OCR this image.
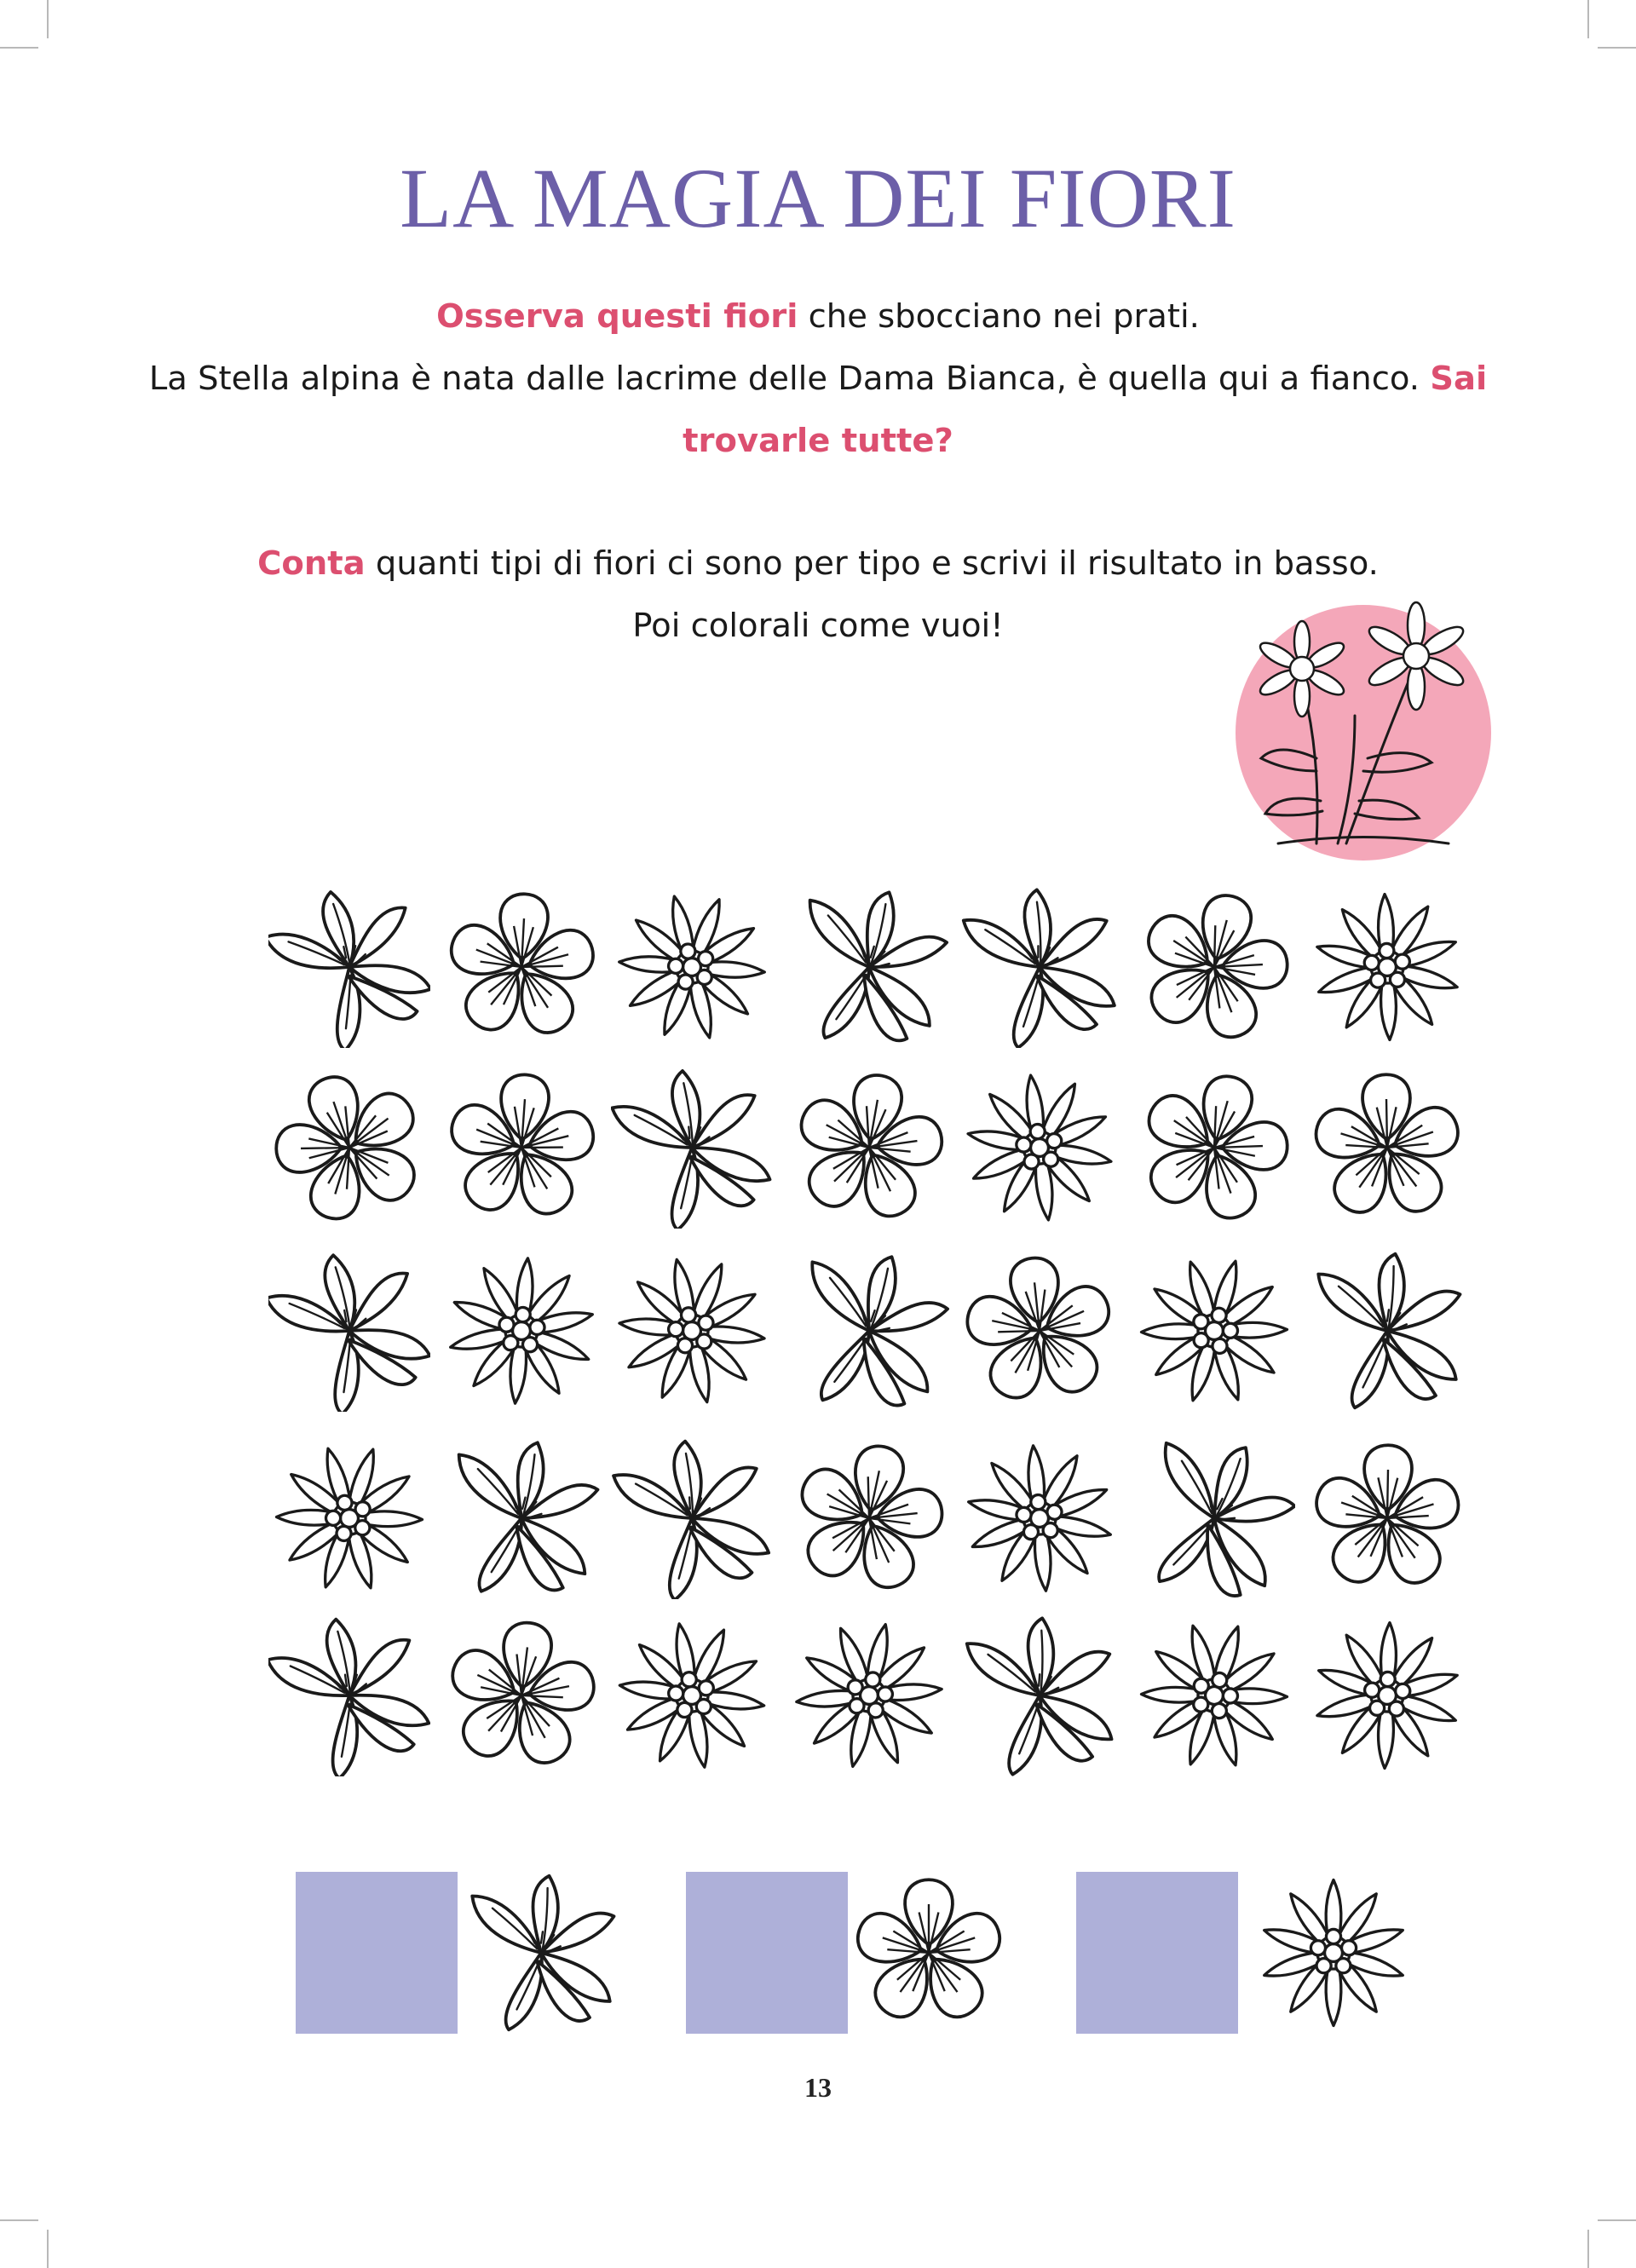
LA MAGIA DEI FIORI

Osserva questi fiori che sbocciano nei prati.
La Stella alpina è nata dalle lacrime delle Dama Bianca, è quella qui a fianco. Sai trovarle tutte?

Conta quanti tipi di fiori ci sono per tipo e scrivi il risultato in basso.
Poi colorali come vuoi!

13
